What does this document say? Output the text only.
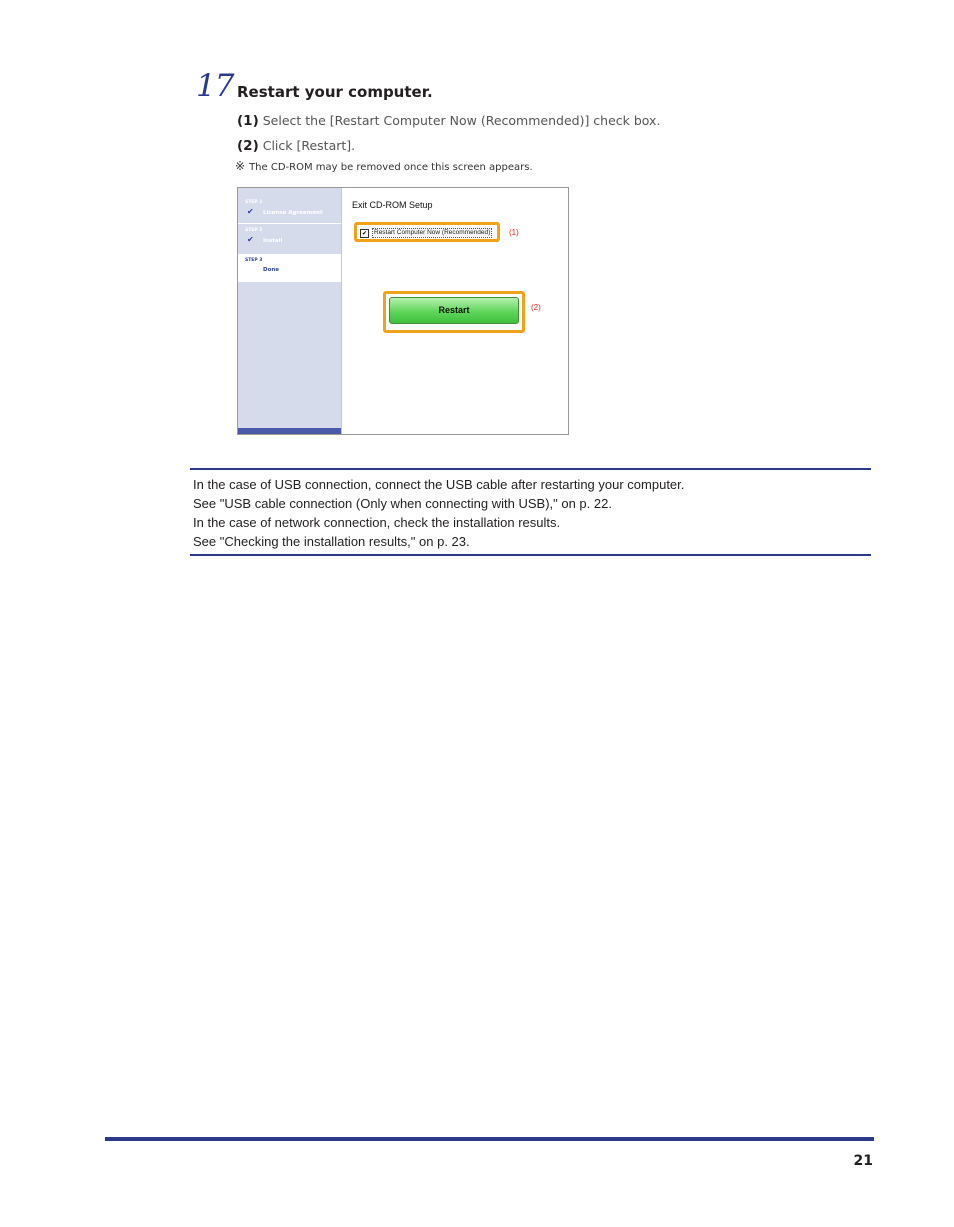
17 Restart your computer.
(1) Select the [Restart Computer Now (Recommended)] check box.
(2) Click [Restart].
※ The CD-ROM may be removed once this screen appears.
STEP 1
✔ License Agreement
STEP 2
✔ Install
STEP 3
Done
Exit CD-ROM Setup
✔	Restart Computer Now (Recommended) (1)
Restart	(2)
In the case of USB connection, connect the USB cable after restarting your computer.
See "USB cable connection (Only when connecting with USB)," on p. 22.
In the case of network connection, check the installation results.
See "Checking the installation results," on p. 23.
21
